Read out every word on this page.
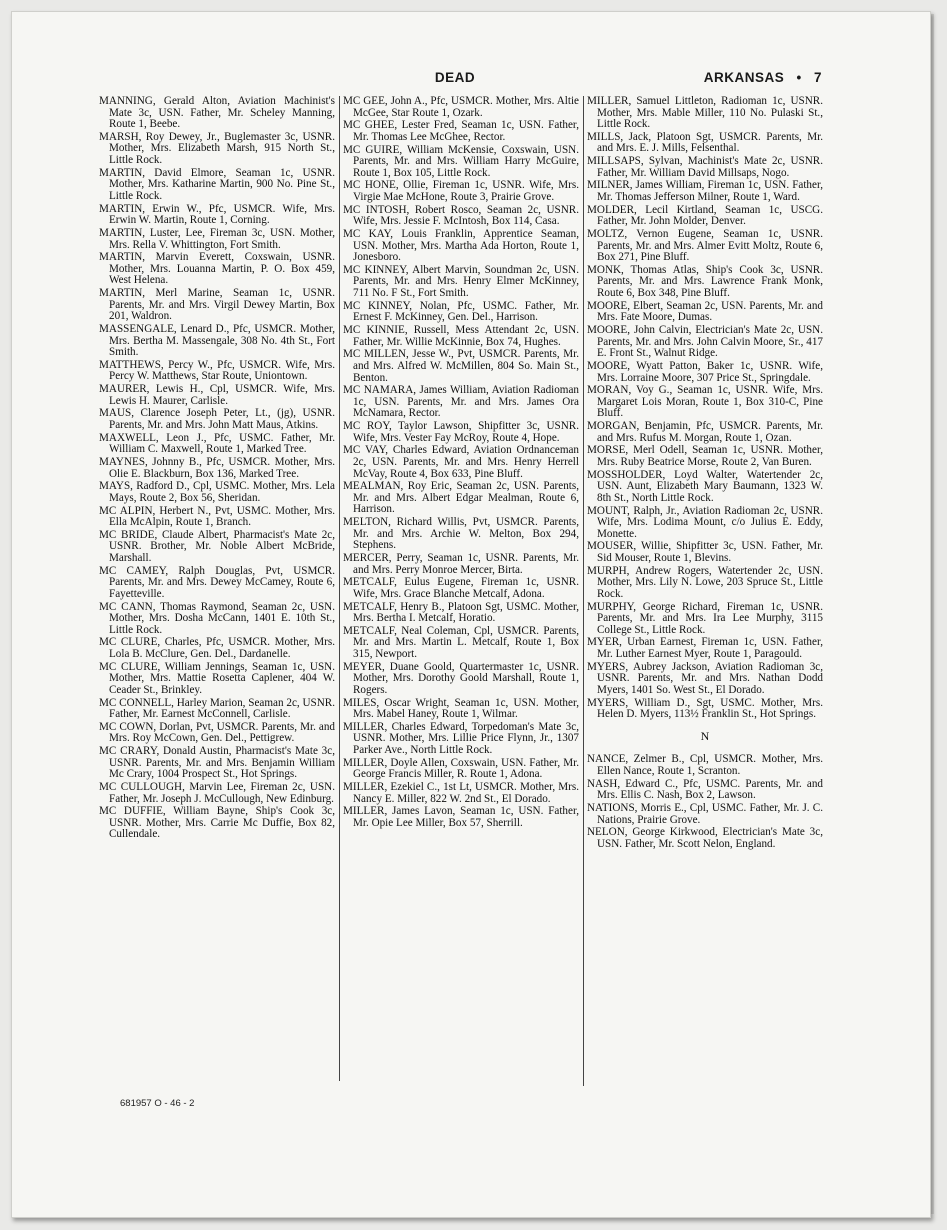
DEAD	ARKANSAS • 7
MANNING, Gerald Alton, Aviation Machinist's Mate 3c, USN. Father, Mr. Scheley Manning, Route 1, Beebe.
MARSH, Roy Dewey, Jr., Buglemaster 3c, USNR. Mother, Mrs. Elizabeth Marsh, 915 North St., Little Rock.
MARTIN, David Elmore, Seaman 1c, USNR. Mother, Mrs. Katharine Martin, 900 No. Pine St., Little Rock.
MARTIN, Erwin W., Pfc, USMCR. Wife, Mrs. Erwin W. Martin, Route 1, Corning.
MARTIN, Luster, Lee, Fireman 3c, USN. Mother, Mrs. Rella V. Whittington, Fort Smith.
MARTIN, Marvin Everett, Coxswain, USNR. Mother, Mrs. Louanna Martin, P. O. Box 459, West Helena.
MARTIN, Merl Marine, Seaman 1c, USNR. Parents, Mr. and Mrs. Virgil Dewey Martin, Box 201, Waldron.
MASSENGALE, Lenard D., Pfc, USMCR. Mother, Mrs. Bertha M. Massengale, 308 No. 4th St., Fort Smith.
MATTHEWS, Percy W., Pfc, USMCR. Wife, Mrs. Percy W. Matthews, Star Route, Uniontown.
MAURER, Lewis H., Cpl, USMCR. Wife, Mrs. Lewis H. Maurer, Carlisle.
MAUS, Clarence Joseph Peter, Lt., (jg), USNR. Parents, Mr. and Mrs. John Matt Maus, Atkins.
MAXWELL, Leon J., Pfc, USMC. Father, Mr. William C. Maxwell, Route 1, Marked Tree.
MAYNES, Johnny B., Pfc, USMCR. Mother, Mrs. Olie E. Blackburn, Box 136, Marked Tree.
MAYS, Radford D., Cpl, USMC. Mother, Mrs. Lela Mays, Route 2, Box 56, Sheridan.
MC ALPIN, Herbert N., Pvt, USMC. Mother, Mrs. Ella McAlpin, Route 1, Branch.
MC BRIDE, Claude Albert, Pharmacist's Mate 2c, USNR. Brother, Mr. Noble Albert McBride, Marshall.
MC CAMEY, Ralph Douglas, Pvt, USMCR. Parents, Mr. and Mrs. Dewey McCamey, Route 6, Fayetteville.
MC CANN, Thomas Raymond, Seaman 2c, USN. Mother, Mrs. Dosha McCann, 1401 E. 10th St., Little Rock.
MC CLURE, Charles, Pfc, USMCR. Mother, Mrs. Lola B. McClure, Gen. Del., Dardanelle.
MC CLURE, William Jennings, Seaman 1c, USN. Mother, Mrs. Mattie Rosetta Caplener, 404 W. Ceader St., Brinkley.
MC CONNELL, Harley Marion, Seaman 2c, USNR. Father, Mr. Earnest McConnell, Carlisle.
MC COWN, Dorlan, Pvt, USMCR. Parents, Mr. and Mrs. Roy McCown, Gen. Del., Pettigrew.
MC CRARY, Donald Austin, Pharmacist's Mate 3c, USNR. Parents, Mr. and Mrs. Benjamin William Mc Crary, 1004 Prospect St., Hot Springs.
MC CULLOUGH, Marvin Lee, Fireman 2c, USN. Father, Mr. Joseph J. McCullough, New Edinburg.
MC DUFFIE, William Bayne, Ship's Cook 3c, USNR. Mother, Mrs. Carrie Mc Duffie, Box 82, Cullendale.
MC GEE, John A., Pfc, USMCR. Mother, Mrs. Altie McGee, Star Route 1, Ozark.
MC GHEE, Lester Fred, Seaman 1c, USN. Father, Mr. Thomas Lee McGhee, Rector.
MC GUIRE, William McKensie, Coxswain, USN. Parents, Mr. and Mrs. William Harry McGuire, Route 1, Box 105, Little Rock.
MC HONE, Ollie, Fireman 1c, USNR. Wife, Mrs. Virgie Mae McHone, Route 3, Prairie Grove.
MC INTOSH, Robert Rosco, Seaman 2c, USNR. Wife, Mrs. Jessie F. McIntosh, Box 114, Casa.
MC KAY, Louis Franklin, Apprentice Seaman, USN. Mother, Mrs. Martha Ada Horton, Route 1, Jonesboro.
MC KINNEY, Albert Marvin, Soundman 2c, USN. Parents, Mr. and Mrs. Henry Elmer McKinney, 711 No. F St., Fort Smith.
MC KINNEY, Nolan, Pfc, USMC. Father, Mr. Ernest F. McKinney, Gen. Del., Harrison.
MC KINNIE, Russell, Mess Attendant 2c, USN. Father, Mr. Willie McKinnie, Box 74, Hughes.
MC MILLEN, Jesse W., Pvt, USMCR. Parents, Mr. and Mrs. Alfred W. McMillen, 804 So. Main St., Benton.
MC NAMARA, James William, Aviation Radioman 1c, USN. Parents, Mr. and Mrs. James Ora McNamara, Rector.
MC ROY, Taylor Lawson, Shipfitter 3c, USNR. Wife, Mrs. Vester Fay McRoy, Route 4, Hope.
MC VAY, Charles Edward, Aviation Ordnanceman 2c, USN. Parents, Mr. and Mrs. Henry Herrell McVay, Route 4, Box 633, Pine Bluff.
MEALMAN, Roy Eric, Seaman 2c, USN. Parents, Mr. and Mrs. Albert Edgar Mealman, Route 6, Harrison.
MELTON, Richard Willis, Pvt, USMCR. Parents, Mr. and Mrs. Archie W. Melton, Box 294, Stephens.
MERCER, Perry, Seaman 1c, USNR. Parents, Mr. and Mrs. Perry Monroe Mercer, Birta.
METCALF, Eulus Eugene, Fireman 1c, USNR. Wife, Mrs. Grace Blanche Metcalf, Adona.
METCALF, Henry B., Platoon Sgt, USMC. Mother, Mrs. Bertha I. Metcalf, Horatio.
METCALF, Neal Coleman, Cpl, USMCR. Parents, Mr. and Mrs. Martin L. Metcalf, Route 1, Box 315, Newport.
MEYER, Duane Goold, Quartermaster 1c, USNR. Mother, Mrs. Dorothy Goold Marshall, Route 1, Rogers.
MILES, Oscar Wright, Seaman 1c, USN. Mother, Mrs. Mabel Haney, Route 1, Wilmar.
MILLER, Charles Edward, Torpedoman's Mate 3c, USNR. Mother, Mrs. Lillie Price Flynn, Jr., 1307 Parker Ave., North Little Rock.
MILLER, Doyle Allen, Coxswain, USN. Father, Mr. George Francis Miller, R. Route 1, Adona.
MILLER, Ezekiel C., 1st Lt, USMCR. Mother, Mrs. Nancy E. Miller, 822 W. 2nd St., El Dorado.
MILLER, James Lavon, Seaman 1c, USN. Father, Mr. Opie Lee Miller, Box 57, Sherrill.
MILLER, Samuel Littleton, Radioman 1c, USNR. Mother, Mrs. Mable Miller, 110 No. Pulaski St., Little Rock.
MILLS, Jack, Platoon Sgt, USMCR. Parents, Mr. and Mrs. E. J. Mills, Felsenthal.
MILLSAPS, Sylvan, Machinist's Mate 2c, USNR. Father, Mr. William David Millsaps, Nogo.
MILNER, James William, Fireman 1c, USN. Father, Mr. Thomas Jefferson Milner, Route 1, Ward.
MOLDER, Lecil Kirtland, Seaman 1c, USCG. Father, Mr. John Molder, Denver.
MOLTZ, Vernon Eugene, Seaman 1c, USNR. Parents, Mr. and Mrs. Almer Evitt Moltz, Route 6, Box 271, Pine Bluff.
MONK, Thomas Atlas, Ship's Cook 3c, USNR. Parents, Mr. and Mrs. Lawrence Frank Monk, Route 6, Box 348, Pine Bluff.
MOORE, Elbert, Seaman 2c, USN. Parents, Mr. and Mrs. Fate Moore, Dumas.
MOORE, John Calvin, Electrician's Mate 2c, USN. Parents, Mr. and Mrs. John Calvin Moore, Sr., 417 E. Front St., Walnut Ridge.
MOORE, Wyatt Patton, Baker 1c, USNR. Wife, Mrs. Lorraine Moore, 307 Price St., Springdale.
MORAN, Voy G., Seaman 1c, USNR. Wife, Mrs. Margaret Lois Moran, Route 1, Box 310-C, Pine Bluff.
MORGAN, Benjamin, Pfc, USMCR. Parents, Mr. and Mrs. Rufus M. Morgan, Route 1, Ozan.
MORSE, Merl Odell, Seaman 1c, USNR. Mother, Mrs. Ruby Beatrice Morse, Route 2, Van Buren.
MOSSHOLDER, Loyd Walter, Watertender 2c, USN. Aunt, Elizabeth Mary Baumann, 1323 W. 8th St., North Little Rock.
MOUNT, Ralph, Jr., Aviation Radioman 2c, USNR. Wife, Mrs. Lodima Mount, c/o Julius E. Eddy, Monette.
MOUSER, Willie, Shipfitter 3c, USN. Father, Mr. Sid Mouser, Route 1, Blevins.
MURPH, Andrew Rogers, Watertender 2c, USN. Mother, Mrs. Lily N. Lowe, 203 Spruce St., Little Rock.
MURPHY, George Richard, Fireman 1c, USNR. Parents, Mr. and Mrs. Ira Lee Murphy, 3115 College St., Little Rock.
MYER, Urban Earnest, Fireman 1c, USN. Father, Mr. Luther Earnest Myer, Route 1, Paragould.
MYERS, Aubrey Jackson, Aviation Radioman 3c, USNR. Parents, Mr. and Mrs. Nathan Dodd Myers, 1401 So. West St., El Dorado.
MYERS, William D., Sgt, USMC. Mother, Mrs. Helen D. Myers, 113½ Franklin St., Hot Springs.
N
NANCE, Zelmer B., Cpl, USMCR. Mother, Mrs. Ellen Nance, Route 1, Scranton.
NASH, Edward C., Pfc, USMC. Parents, Mr. and Mrs. Ellis C. Nash, Box 2, Lawson.
NATIONS, Morris E., Cpl, USMC. Father, Mr. J. C. Nations, Prairie Grove.
NELON, George Kirkwood, Electrician's Mate 3c, USN. Father, Mr. Scott Nelon, England.
681957 O - 46 - 2
